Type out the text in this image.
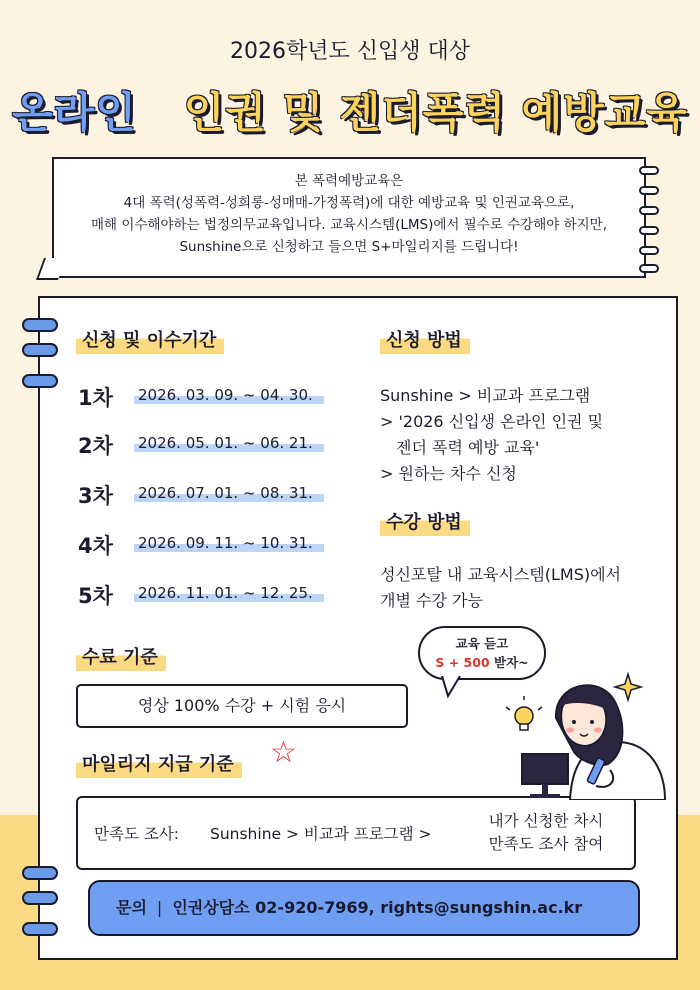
2026학년도 신입생 대상
온라인 인권 및 젠더폭력 예방교육
본 폭력예방교육은
4대 폭력(성폭력-성희롱-성매매-가정폭력)에 대한 예방교육 및 인권교육으로,
매해 이수해야하는 법정의무교육입니다. 교육시스템(LMS)에서 필수로 수강해야 하지만,
Sunshine으로 신청하고 들으면 S+마일리지를 드립니다!
신청 및 이수기간
1차 2026. 03. 09. ~ 04. 30.
2차 2026. 05. 01. ~ 06. 21.
3차 2026. 07. 01. ~ 08. 31.
4차 2026. 09. 11. ~ 10. 31.
5차 2026. 11. 01. ~ 12. 25.
신청 방법
Sunshine > 비교과 프로그램
> '2026 신입생 온라인 인권 및
젠더 폭력 예방 교육'
> 원하는 차수 신청
수강 방법
성신포탈 내 교육시스템(LMS)에서
개별 수강 가능
수료 기준
영상 100% 수강 + 시험 응시
마일리지 지급 기준 ☆
만족도 조사: Sunshine > 비교과 프로그램 >
내가 신청한 차시
만족도 조사 참여
교육 듣고
S + 500 받자~
문의 | 인권상담소 02-920-7969, rights@sungshin.ac.kr
